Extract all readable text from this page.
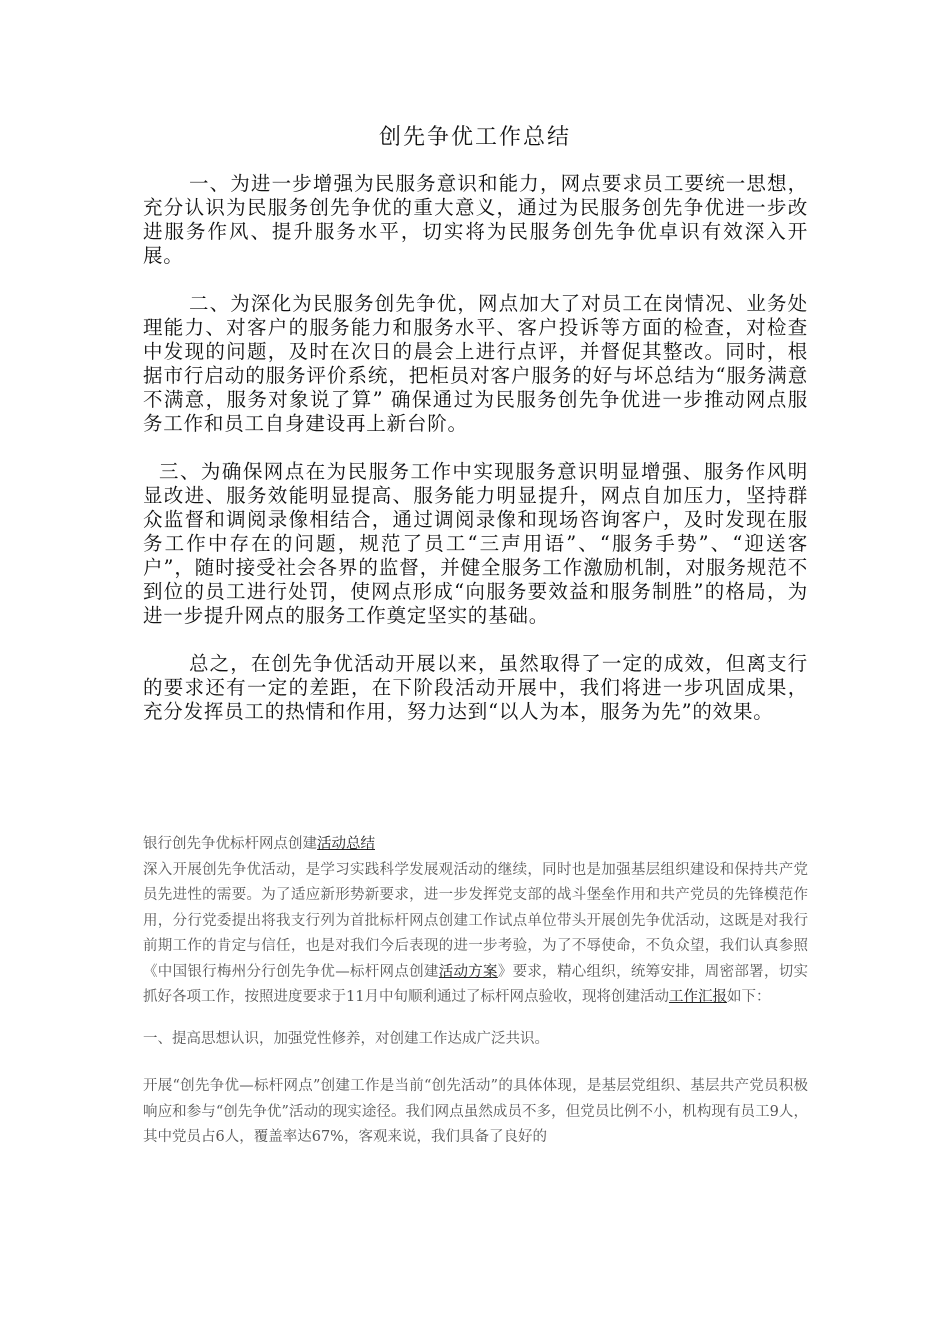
创先争优工作总结

一、为进一步增强为民服务意识和能力，网点要求员工要统一思想，充分认识为民服务创先争优的重大意义，通过为民服务创先争优进一步改进服务作风、提升服务水平，切实将为民服务创先争优卓识有效深入开展。

二、为深化为民服务创先争优，网点加大了对员工在岗情况、业务处理能力、对客户的服务能力和服务水平、客户投诉等方面的检查，对检查中发现的问题，及时在次日的晨会上进行点评，并督促其整改。同时，根据市行启动的服务评价系统，把柜员对客户服务的好与坏总结为“服务满意不满意，服务对象说了算” 确保通过为民服务创先争优进一步推动网点服务工作和员工自身建设再上新台阶。

三、为确保网点在为民服务工作中实现服务意识明显增强、服务作风明显改进、服务效能明显提高、服务能力明显提升，网点自加压力，坚持群众监督和调阅录像相结合，通过调阅录像和现场咨询客户，及时发现在服务工作中存在的问题，规范了员工“三声用语”、“服务手势”、“迎送客户”，随时接受社会各界的监督，并健全服务工作激励机制，对服务规范不到位的员工进行处罚，使网点形成“向服务要效益和服务制胜”的格局，为进一步提升网点的服务工作奠定坚实的基础。

总之，在创先争优活动开展以来，虽然取得了一定的成效，但离支行的要求还有一定的差距，在下阶段活动开展中，我们将进一步巩固成果，充分发挥员工的热情和作用，努力达到“以人为本，服务为先”的效果。

银行创先争优标杆网点创建活动总结

深入开展创先争优活动，是学习实践科学发展观活动的继续，同时也是加强基层组织建设和保持共产党员先进性的需要。为了适应新形势新要求，进一步发挥党支部的战斗堡垒作用和共产党员的先锋模范作用，分行党委提出将我支行列为首批标杆网点创建工作试点单位带头开展创先争优活动，这既是对我行前期工作的肯定与信任，也是对我们今后表现的进一步考验，为了不辱使命，不负众望，我们认真参照《中国银行梅州分行创先争优—标杆网点创建活动方案》要求，精心组织，统筹安排，周密部署，切实抓好各项工作，按照进度要求于11月中旬顺利通过了标杆网点验收，现将创建活动工作汇报如下：

一、提高思想认识，加强党性修养，对创建工作达成广泛共识。

开展“创先争优—标杆网点”创建工作是当前“创先活动”的具体体现，是基层党组织、基层共产党员积极响应和参与“创先争优”活动的现实途径。我们网点虽然成员不多，但党员比例不小，机构现有员工9人，其中党员占6人，覆盖率达67%，客观来说，我们具备了良好的
